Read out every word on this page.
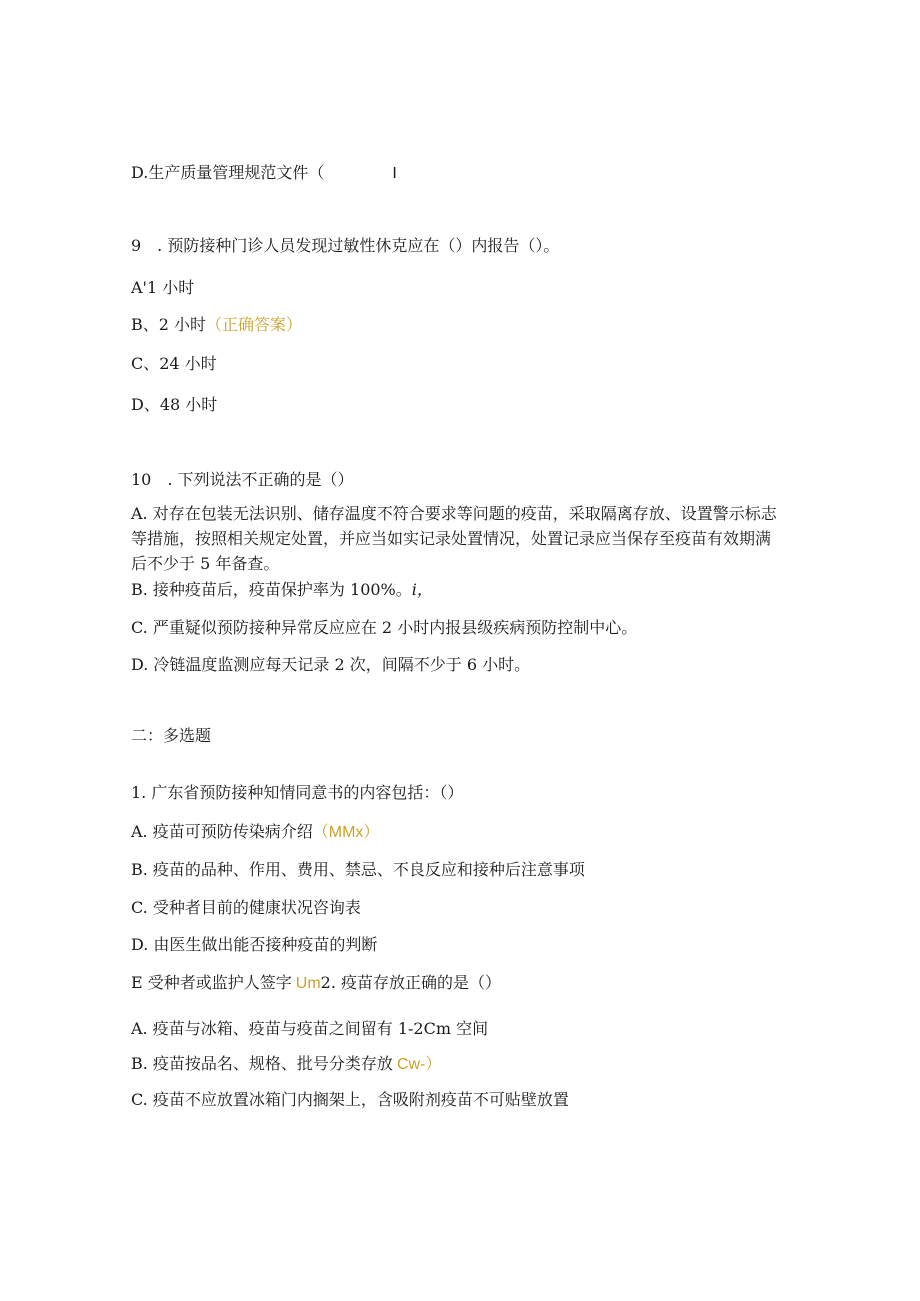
D.生产质量管理规范文件（	I
9　. 预防接种门诊人员发现过敏性休克应在（）内报告（）。
A'1 小时
B、2 小时（正确答案）
C、24 小时
D、48 小时
10　. 下列说法不正确的是（）
A. 对存在包装无法识别、储存温度不符合要求等问题的疫苗，采取隔离存放、设置警示标志等措施，按照相关规定处置，并应当如实记录处置情况，处置记录应当保存至疫苗有效期满后不少于 5 年备查。
B. 接种疫苗后，疫苗保护率为 100%。i，
C. 严重疑似预防接种异常反应应在 2 小时内报县级疾病预防控制中心。
D. 冷链温度监测应每天记录 2 次，间隔不少于 6 小时。
二：多选题
1. 广东省预防接种知情同意书的内容包括：（）
A. 疫苗可预防传染病介绍（MMx）
B. 疫苗的品种、作用、费用、禁忌、不良反应和接种后注意事项
C. 受种者目前的健康状况咨询表
D. 由医生做出能否接种疫苗的判断
E 受种者或监护人签字 Um2. 疫苗存放正确的是（）
A. 疫苗与冰箱、疫苗与疫苗之间留有 1-2Cm 空间
B. 疫苗按品名、规格、批号分类存放 Cw-）
C. 疫苗不应放置冰箱门内搁架上，含吸附剂疫苗不可贴壁放置
